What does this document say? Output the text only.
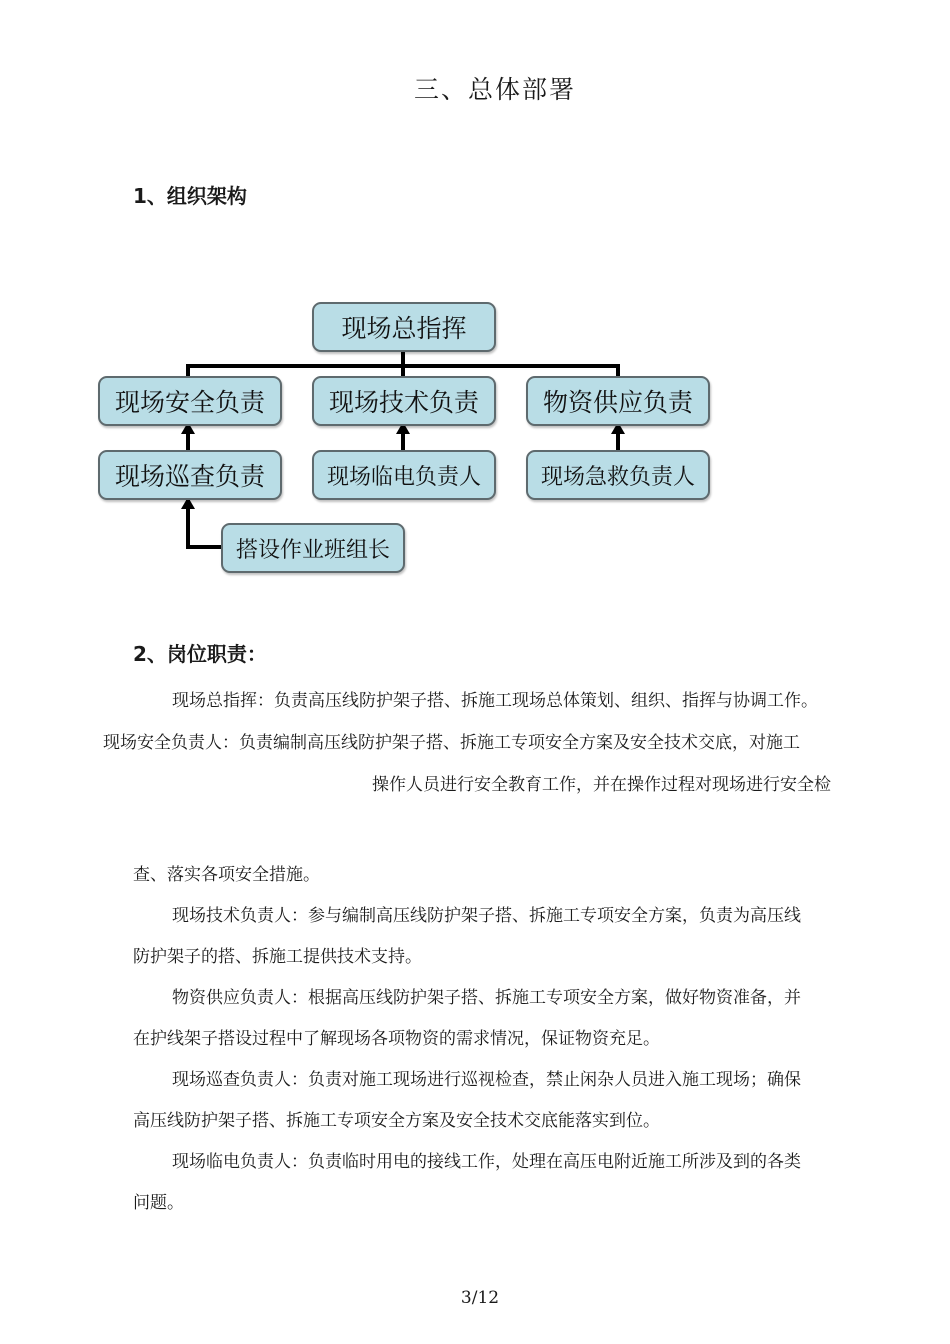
三、总体部署
1、组织架构
现场总指挥
现场安全负责	现场技术负责	物资供应负责
现场巡查负责	现场临电负责人	现场急救负责人
搭设作业班组长
2、岗位职责：
现场总指挥：负责高压线防护架子搭、拆施工现场总体策划、组织、指挥与协调工作。
现场安全负责人：负责编制高压线防护架子搭、拆施工专项安全方案及安全技术交底，对施工
操作人员进行安全教育工作，并在操作过程对现场进行安全检
查、落实各项安全措施。
现场技术负责人：参与编制高压线防护架子搭、拆施工专项安全方案，负责为高压线
防护架子的搭、拆施工提供技术支持。
物资供应负责人：根据高压线防护架子搭、拆施工专项安全方案，做好物资准备，并
在护线架子搭设过程中了解现场各项物资的需求情况，保证物资充足。
现场巡查负责人：负责对施工现场进行巡视检查，禁止闲杂人员进入施工现场；确保
高压线防护架子搭、拆施工专项安全方案及安全技术交底能落实到位。
现场临电负责人：负责临时用电的接线工作，处理在高压电附近施工所涉及到的各类
问题。
3/12
